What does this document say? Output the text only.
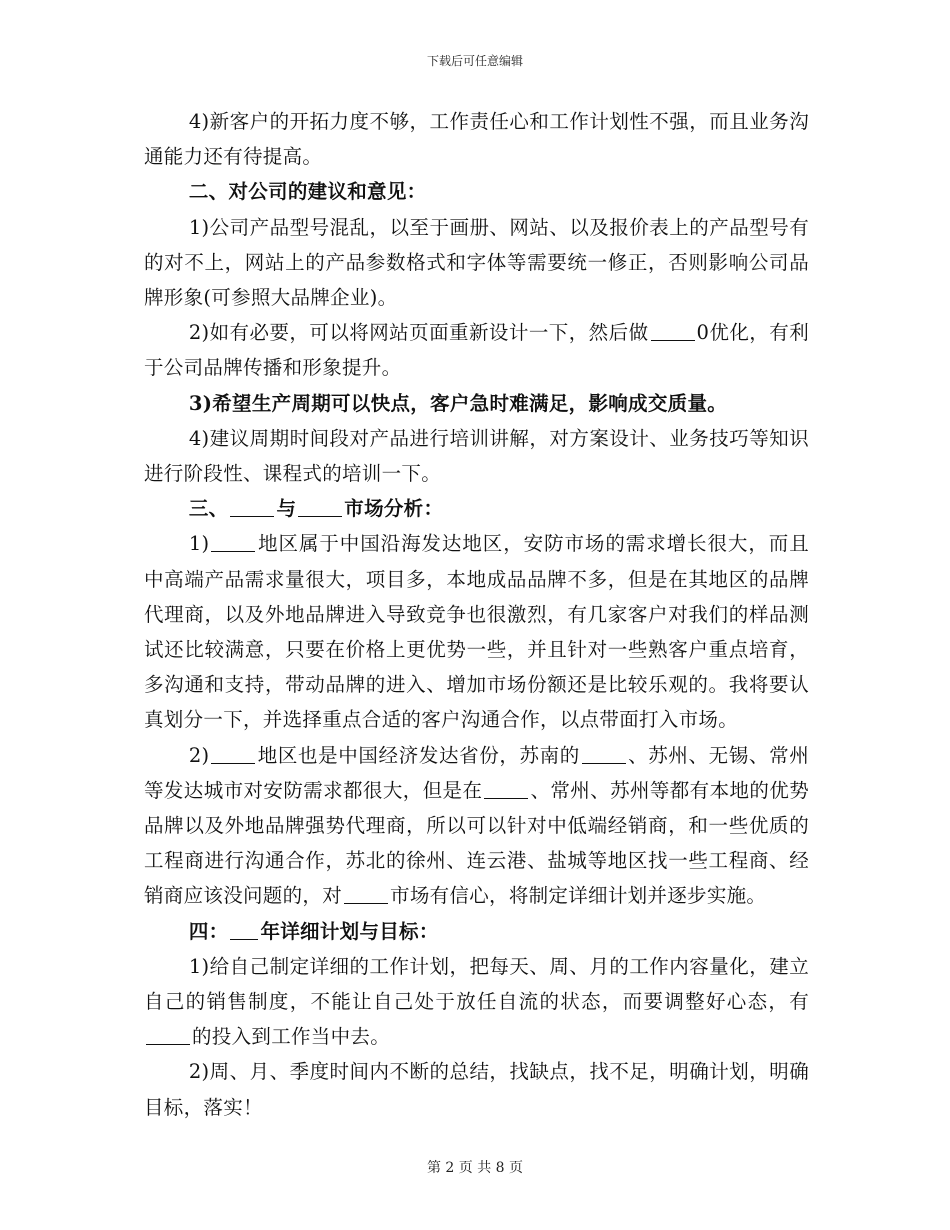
下载后可任意编辑

4)新客户的开拓力度不够，工作责任心和工作计划性不强，而且业务沟通能力还有待提高。

二、对公司的建议和意见：

1)公司产品型号混乱，以至于画册、网站、以及报价表上的产品型号有的对不上，网站上的产品参数格式和字体等需要统一修正，否则影响公司品牌形象(可参照大品牌企业)。

2)如有必要，可以将网站页面重新设计一下，然后做 0优化，有利于公司品牌传播和形象提升。

3)希望生产周期可以快点，客户急时难满足，影响成交质量。

4)建议周期时间段对产品进行培训讲解，对方案设计、业务技巧等知识进行阶段性、课程式的培训一下。

三、 与 市场分析：

1) 地区属于中国沿海发达地区，安防市场的需求增长很大，而且中高端产品需求量很大，项目多，本地成品品牌不多，但是在其地区的品牌代理商，以及外地品牌进入导致竞争也很激烈，有几家客户对我们的样品测试还比较满意，只要在价格上更优势一些，并且针对一些熟客户重点培育，多沟通和支持，带动品牌的进入、增加市场份额还是比较乐观的。我将要认真划分一下，并选择重点合适的客户沟通合作，以点带面打入市场。

2) 地区也是中国经济发达省份，苏南的 、苏州、无锡、常州等发达城市对安防需求都很大，但是在 、常州、苏州等都有本地的优势品牌以及外地品牌强势代理商，所以可以针对中低端经销商，和一些优质的工程商进行沟通合作，苏北的徐州、连云港、盐城等地区找一些工程商、经销商应该没问题的，对 市场有信心，将制定详细计划并逐步实施。

四： 年详细计划与目标：

1)给自己制定详细的工作计划，把每天、周、月的工作内容量化，建立自己的销售制度，不能让自己处于放任自流的状态，而要调整好心态，有的投入到工作当中去。

2)周、月、季度时间内不断的总结，找缺点，找不足，明确计划，明确目标，落实！

第 2 页 共 8 页
